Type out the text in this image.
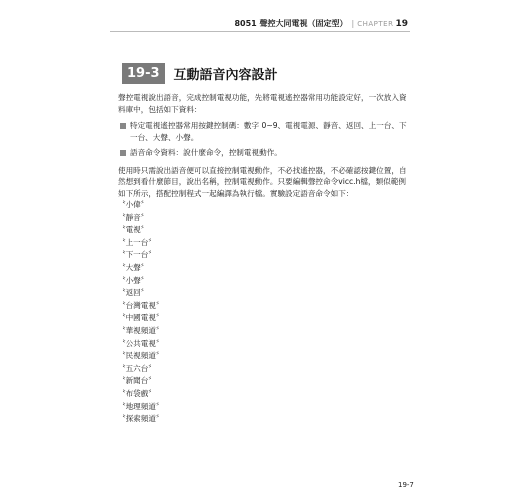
8051 聲控大同電視（固定型） | CHAPTER 19
19-3	互動語音內容設計

聲控電視說出語音，完成控制電視功能，先將電視遙控器常用功能設定好，一次放入資料庫中，包括如下資料：

特定電視遙控器常用按鍵控制碼：數字 0~9、電視電源、靜音、返回、上一台、下一台、大聲、小聲。
語音命令資料：說什麼命令，控制電視動作。

使用時只需說出語音便可以直接控制電視動作，不必找遙控器，不必確認按鍵位置，自然想到看什麼節目，說出名稱，控制電視動作。只要編輯聲控命令vicc.h檔，類似範例如下所示，搭配控制程式一起編譯為執行檔。實驗設定語音命令如下：

〝小偉〞
〝靜音〞
〝電視〞
〝上一台〞
〝下一台〞
〝大聲〞
〝小聲〞
〝返回〞
〝台灣電視〞
〝中國電視〞
〝華視頻道〞
〝公共電視〞
〝民視頻道〞
〝五六台〞
〝新聞台〞
〝布袋戲〞
〝地理頻道〞
〝探索頻道〞
19-7
